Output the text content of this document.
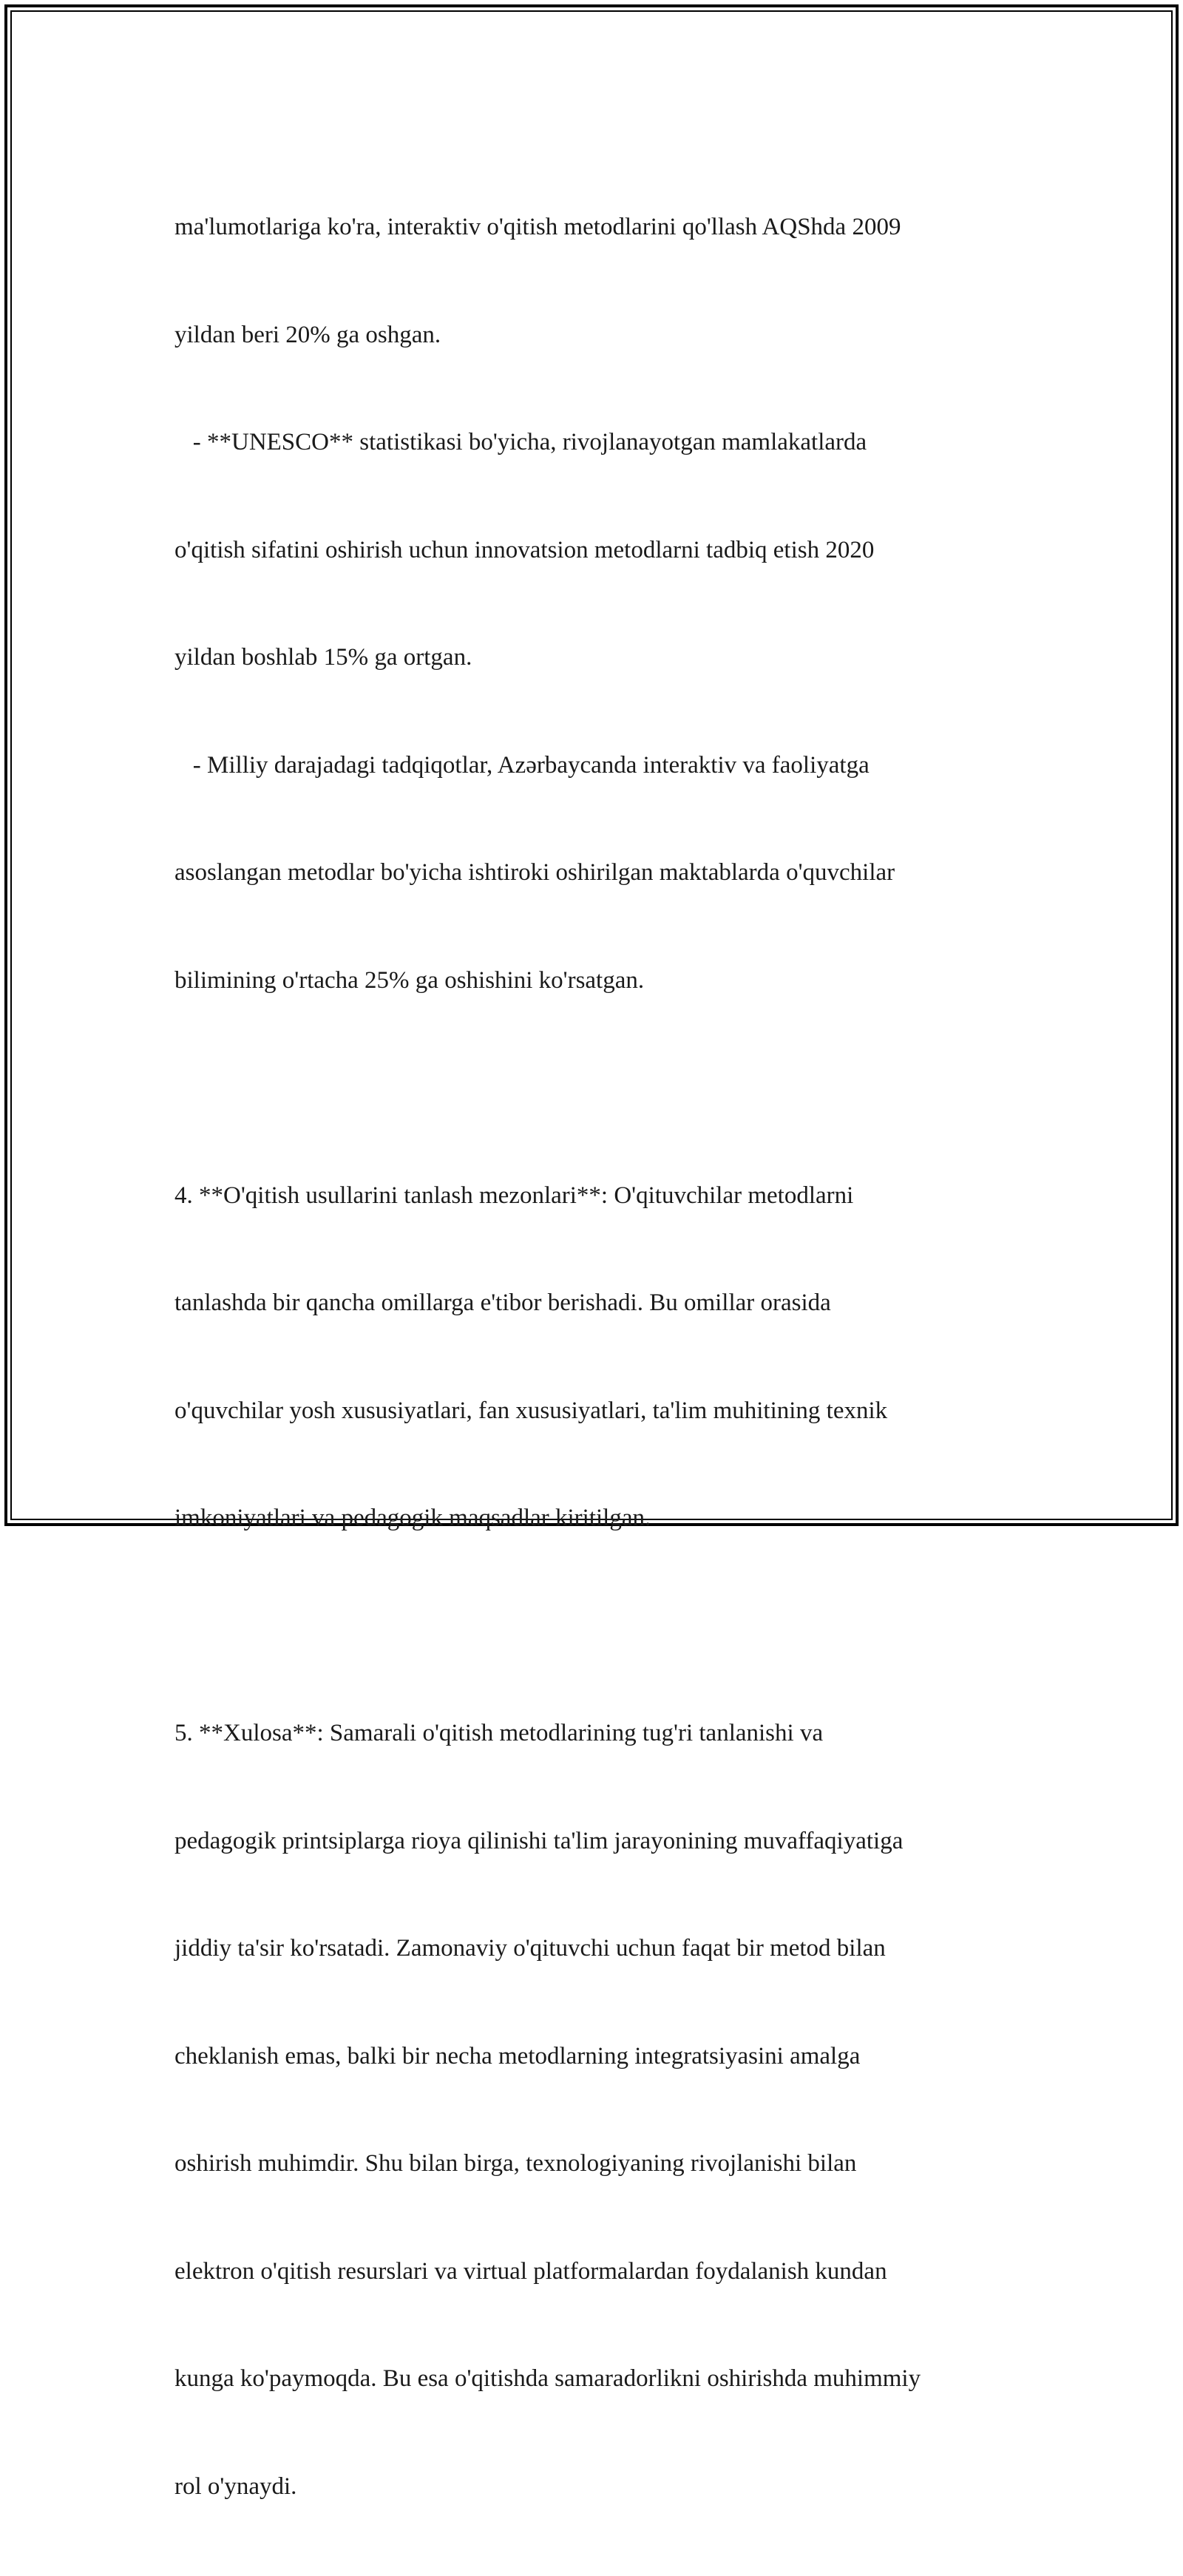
ma'lumotlariga ko'ra, interaktiv o'qitish metodlarini qo'llash AQShda 2009

yildan beri 20% ga oshgan.

- **UNESCO** statistikasi bo'yicha, rivojlanayotgan mamlakatlarda

o'qitish sifatini oshirish uchun innovatsion metodlarni tadbiq etish 2020

yildan boshlab 15% ga ortgan.

- Milliy darajadagi tadqiqotlar, Azərbaycanda interaktiv va faoliyatga

asoslangan metodlar bo'yicha ishtiroki oshirilgan maktablarda o'quvchilar

bilimining o'rtacha 25% ga oshishini ko'rsatgan.

4. **O'qitish usullarini tanlash mezonlari**: O'qituvchilar metodlarni

tanlashda bir qancha omillarga e'tibor berishadi. Bu omillar orasida

o'quvchilar yosh xususiyatlari, fan xususiyatlari, ta'lim muhitining texnik

imkoniyatlari va pedagogik maqsadlar kiritilgan.

5. **Xulosa**: Samarali o'qitish metodlarining tug'ri tanlanishi va

pedagogik printsiplarga rioya qilinishi ta'lim jarayonining muvaffaqiyatiga

jiddiy ta'sir ko'rsatadi. Zamonaviy o'qituvchi uchun faqat bir metod bilan

cheklanish emas, balki bir necha metodlarning integratsiyasini amalga

oshirish muhimdir. Shu bilan birga, texnologiyaning rivojlanishi bilan

elektron o'qitish resurslari va virtual platformalardan foydalanish kundan

kunga ko'paymoqda. Bu esa o'qitishda samaradorlikni oshirishda muhimmiy

rol o'ynaydi.
